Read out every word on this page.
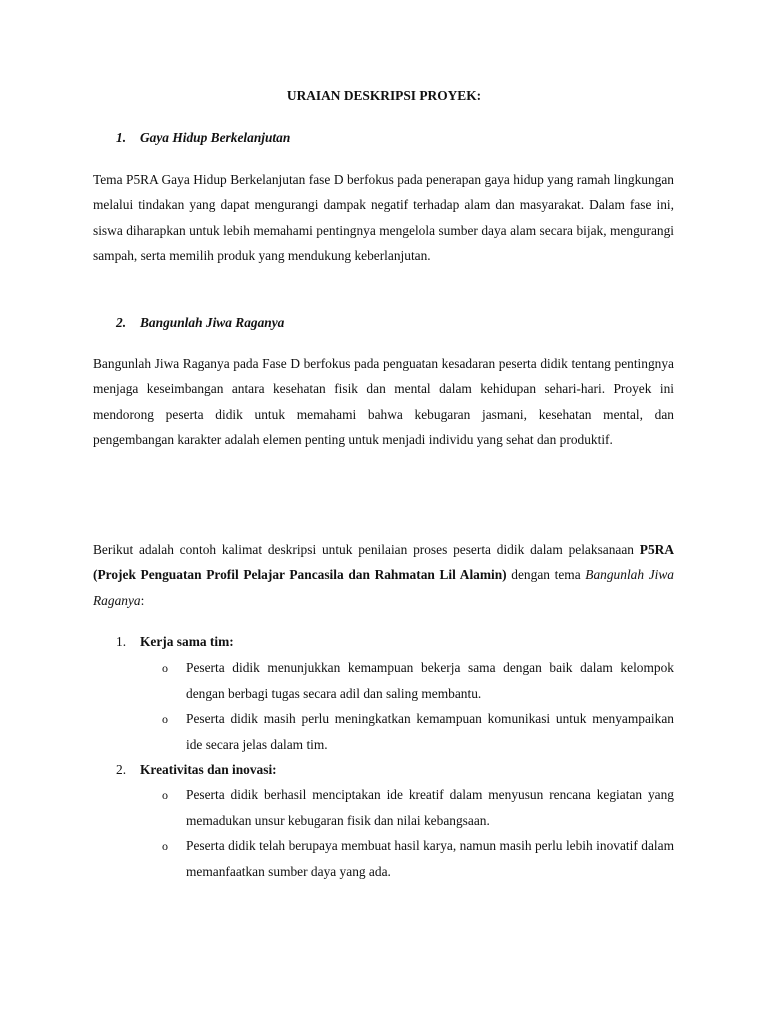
URAIAN DESKRIPSI PROYEK:
1. Gaya Hidup Berkelanjutan

Tema P5RA Gaya Hidup Berkelanjutan fase D berfokus pada penerapan gaya hidup yang ramah lingkungan melalui tindakan yang dapat mengurangi dampak negatif terhadap alam dan masyarakat. Dalam fase ini, siswa diharapkan untuk lebih memahami pentingnya mengelola sumber daya alam secara bijak, mengurangi sampah, serta memilih produk yang mendukung keberlanjutan.

2. Bangunlah Jiwa Raganya

Bangunlah Jiwa Raganya pada Fase D berfokus pada penguatan kesadaran peserta didik tentang pentingnya menjaga keseimbangan antara kesehatan fisik dan mental dalam kehidupan sehari-hari. Proyek ini mendorong peserta didik untuk memahami bahwa kebugaran jasmani, kesehatan mental, dan pengembangan karakter adalah elemen penting untuk menjadi individu yang sehat dan produktif.

Berikut adalah contoh kalimat deskripsi untuk penilaian proses peserta didik dalam pelaksanaan P5RA (Projek Penguatan Profil Pelajar Pancasila dan Rahmatan Lil Alamin) dengan tema Bangunlah Jiwa Raganya:

1. Kerja sama tim:
o Peserta didik menunjukkan kemampuan bekerja sama dengan baik dalam kelompok dengan berbagi tugas secara adil dan saling membantu.

o Peserta didik masih perlu meningkatkan kemampuan komunikasi untuk menyampaikan ide secara jelas dalam tim.

2. Kreativitas dan inovasi:
o Peserta didik berhasil menciptakan ide kreatif dalam menyusun rencana kegiatan yang memadukan unsur kebugaran fisik dan nilai kebangsaan.

o Peserta didik telah berupaya membuat hasil karya, namun masih perlu lebih inovatif dalam memanfaatkan sumber daya yang ada.
